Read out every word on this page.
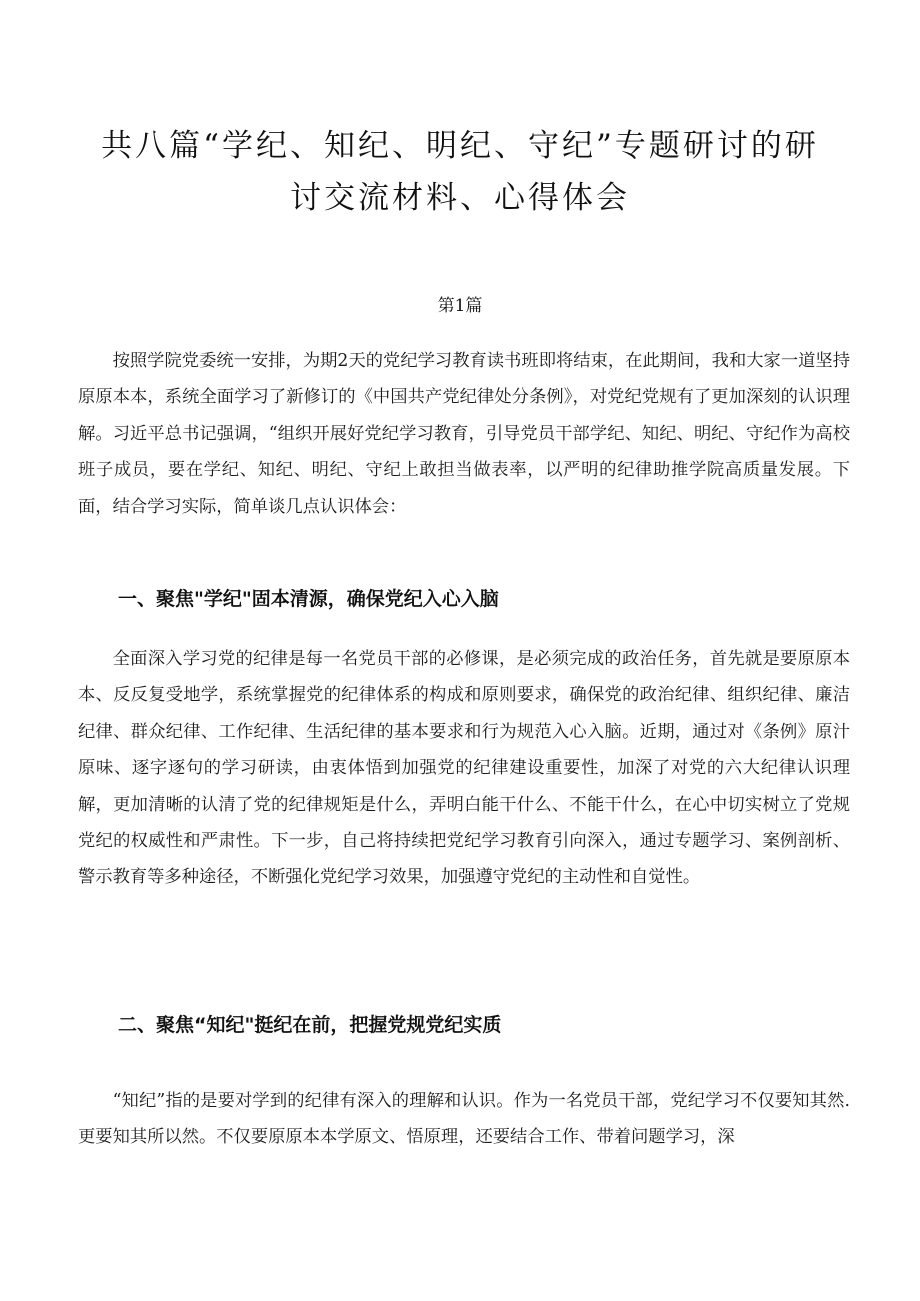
共八篇“学纪、知纪、明纪、守纪”专题研讨的研讨交流材料、心得体会
第1篇

按照学院党委统一安排，为期2天的党纪学习教育读书班即将结束，在此期间，我和大家一道坚持原原本本，系统全面学习了新修订的《中国共产党纪律处分条例》，对党纪党规有了更加深刻的认识理解。习近平总书记强调，“组织开展好党纪学习教育，引导党员干部学纪、知纪、明纪、守纪作为高校班子成员，要在学纪、知纪、明纪、守纪上敢担当做表率，以严明的纪律助推学院高质量发展。下面，结合学习实际，简单谈几点认识体会：

一、聚焦"学纪"固本清源，确保党纪入心入脑

全面深入学习党的纪律是每一名党员干部的必修课，是必须完成的政治任务，首先就是要原原本本、反反复受地学，系统掌握党的纪律体系的构成和原则要求，确保党的政治纪律、组织纪律、廉洁纪律、群众纪律、工作纪律、生活纪律的基本要求和行为规范入心入脑。近期，通过对《条例》原汁原味、逐字逐句的学习研读，由衷体悟到加强党的纪律建设重要性，加深了对党的六大纪律认识理解，更加清晰的认清了党的纪律规矩是什么，弄明白能干什么、不能干什么，在心中切实树立了党规党纪的权威性和严肃性。下一步，自己将持续把党纪学习教育引向深入，通过专题学习、案例剖析、警示教育等多种途径，不断强化党纪学习效果，加强遵守党纪的主动性和自觉性。

二、聚焦“知纪"挺纪在前，把握党规党纪实质

“知纪”指的是要对学到的纪律有深入的理解和认识。作为一名党员干部，党纪学习不仅要知其然.更要知其所以然。不仅要原原本本学原文、悟原理，还要结合工作、带着问题学习，深
